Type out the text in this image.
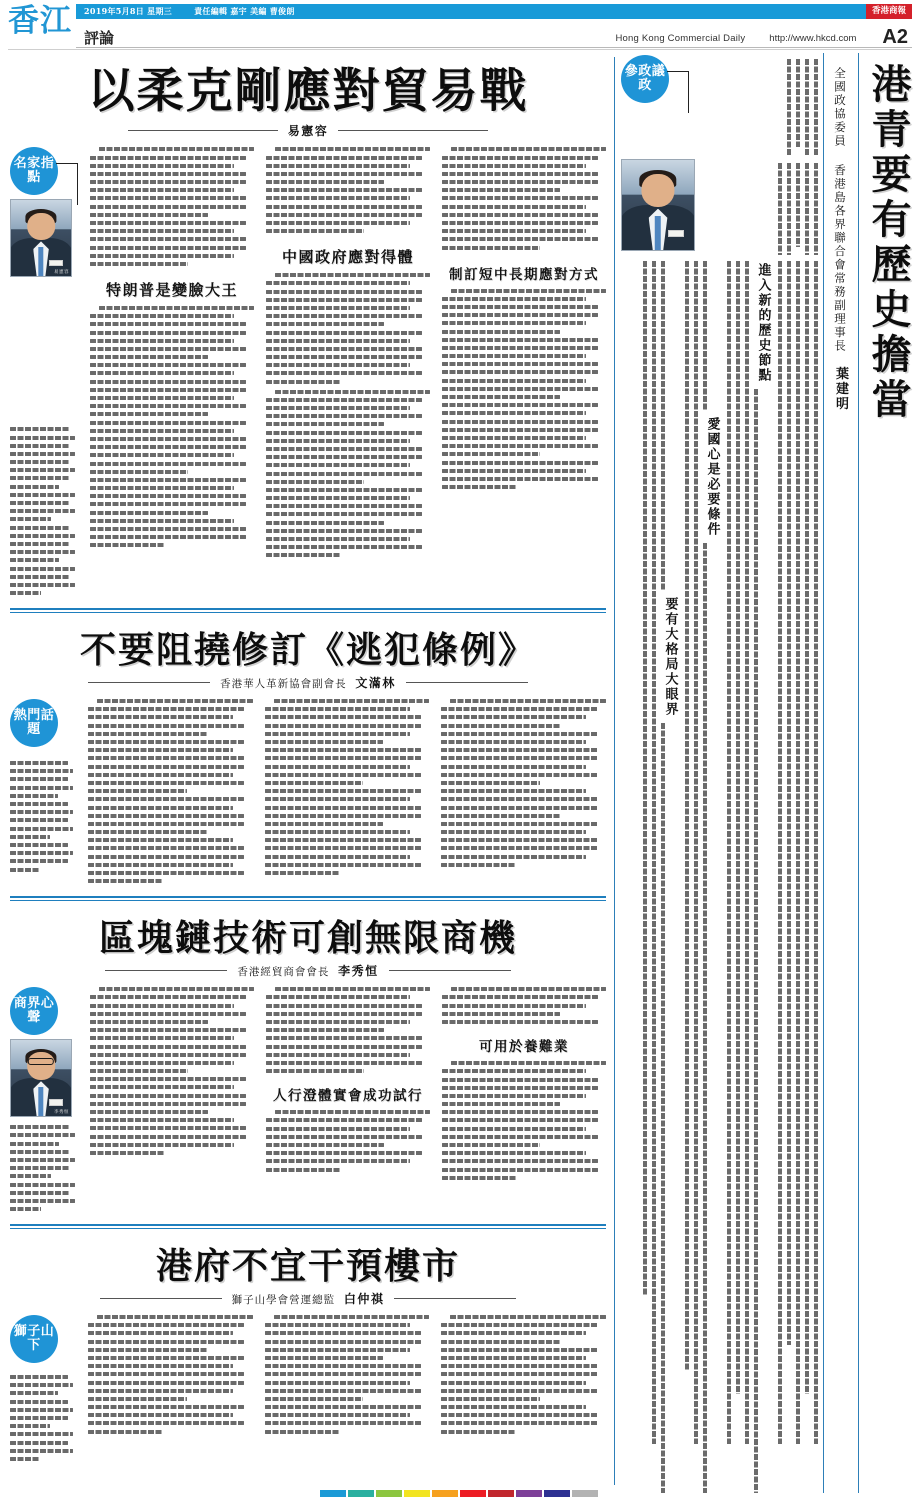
香江	2019年5月8日 星期三	責任編輯 嘉宇 美編 曹俊朗	香港商報
評論	Hong Kong Commercial Daily	http://www.hkcd.com A2
以柔克剛應對貿易戰
易憲容
名家指點
易憲容
特朗普是變臉大王
中國政府應對得體
制訂短中長期應對方式
不要阻撓修訂《逃犯條例》
香港華人革新協會副會長 文滿林
熱門話題
區塊鏈技術可創無限商機
香港經貿商會會長 李秀恒
商界心聲
李秀恒
人行澄體實會成功試行
可用於養難業
港府不宜干預樓市
獅子山學會營運總監 白仲祺
獅子山下
港青要有歷史擔當
全國政協委員 香港島各界聯合會常務副理事長　葉建明
參政議政
進入新的歷史節點
愛國心是必要條件
要有大格局大眼界
